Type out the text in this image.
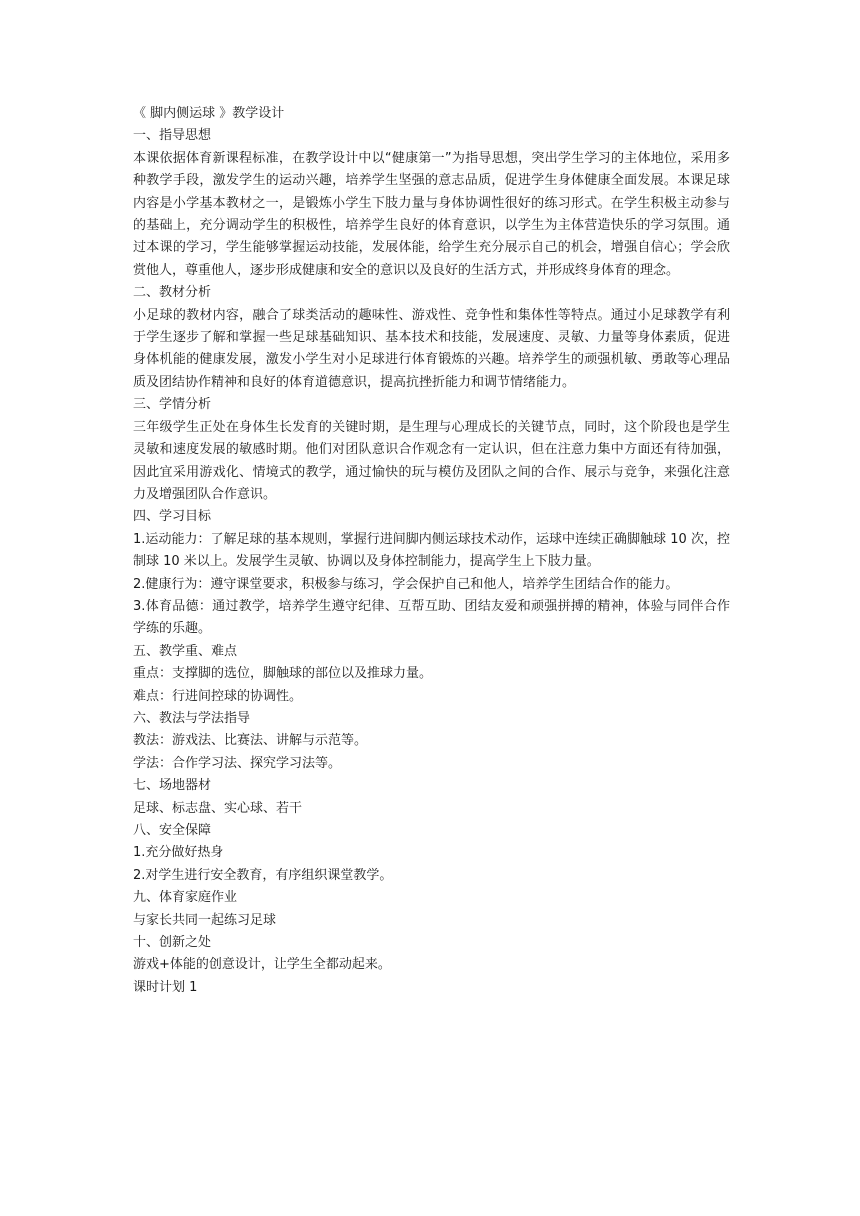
《 脚内侧运球 》教学设计
一、指导思想
本课依据体育新课程标准，在教学设计中以“健康第一”为指导思想，突出学生学习的主体地位，采用多种教学手段，激发学生的运动兴趣，培养学生坚强的意志品质，促进学生身体健康全面发展。本课足球内容是小学基本教材之一，是锻炼小学生下肢力量与身体协调性很好的练习形式。在学生积极主动参与的基础上，充分调动学生的积极性，培养学生良好的体育意识，以学生为主体营造快乐的学习氛围。通过本课的学习，学生能够掌握运动技能，发展体能，给学生充分展示自己的机会，增强自信心；学会欣赏他人，尊重他人，逐步形成健康和安全的意识以及良好的生活方式，并形成终身体育的理念。
二、教材分析
小足球的教材内容，融合了球类活动的趣味性、游戏性、竞争性和集体性等特点。通过小足球教学有利于学生逐步了解和掌握一些足球基础知识、基本技术和技能，发展速度、灵敏、力量等身体素质，促进身体机能的健康发展，激发小学生对小足球进行体育锻炼的兴趣。培养学生的顽强机敏、勇敢等心理品质及团结协作精神和良好的体育道德意识，提高抗挫折能力和调节情绪能力。
三、学情分析
三年级学生正处在身体生长发育的关键时期，是生理与心理成长的关键节点，同时，这个阶段也是学生灵敏和速度发展的敏感时期。他们对团队意识合作观念有一定认识，但在注意力集中方面还有待加强，因此宜采用游戏化、情境式的教学，通过愉快的玩与模仿及团队之间的合作、展示与竞争，来强化注意力及增强团队合作意识。
四、学习目标
1.运动能力：了解足球的基本规则，掌握行进间脚内侧运球技术动作，运球中连续正确脚触球 10 次，控制球 10 米以上。发展学生灵敏、协调以及身体控制能力，提高学生上下肢力量。
2.健康行为：遵守课堂要求，积极参与练习，学会保护自己和他人，培养学生团结合作的能力。
3.体育品德：通过教学，培养学生遵守纪律、互帮互助、团结友爱和顽强拼搏的精神，体验与同伴合作学练的乐趣。
五、教学重、难点
重点：支撑脚的选位，脚触球的部位以及推球力量。
难点：行进间控球的协调性。
六、教法与学法指导
教法：游戏法、比赛法、讲解与示范等。
学法：合作学习法、探究学习法等。
七、场地器材
足球、标志盘、实心球、若干
八、安全保障
1.充分做好热身
2.对学生进行安全教育，有序组织课堂教学。
九、体育家庭作业
与家长共同一起练习足球
十、创新之处
游戏+体能的创意设计，让学生全都动起来。
课时计划 1
